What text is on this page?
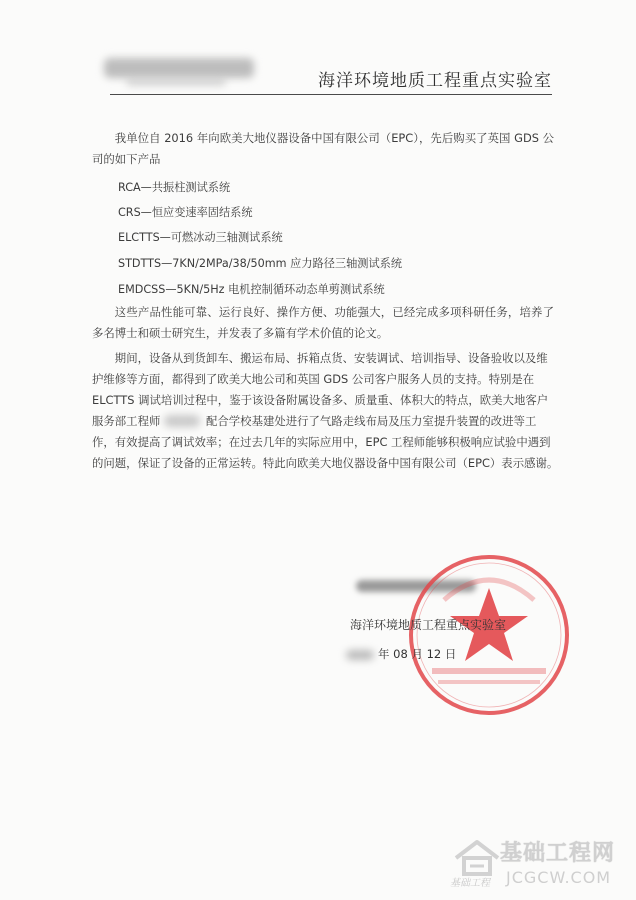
海洋环境地质工程重点实验室

我单位自 2016 年向欧美大地仪器设备中国有限公司（EPC），先后购买了英国 GDS 公司的如下产品

RCA—共振柱测试系统
CRS—恒应变速率固结系统
ELCTTS—可燃冰动三轴测试系统
STDTTS—7KN/2MPa/38/50mm 应力路径三轴测试系统
EMDCSS—5KN/5Hz 电机控制循环动态单剪测试系统

这些产品性能可靠、运行良好、操作方便、功能强大，已经完成多项科研任务，培养了多名博士和硕士研究生，并发表了多篇有学术价值的论文。

期间，设备从到货卸车、搬运布局、拆箱点货、安装调试、培训指导、设备验收以及维
护维修等方面，都得到了欧美大地公司和英国 GDS 公司客户服务人员的支持。特别是在
ELCTTS 调试培训过程中，鉴于该设备附属设备多、质量重、体积大的特点，欧美大地客户
服务部工程师	配合学校基建处进行了气路走线布局及压力室提升装置的改进等工
作，有效提高了调试效率；在过去几年的实际应用中，EPC 工程师能够积极响应试验中遇到
的问题，保证了设备的正常运转。特此向欧美大地仪器设备中国有限公司（EPC）表示感谢。
海洋环境地质工程重点实验室
年 08 月 12 日
基础工程网
基础工程 JCGCW.COM
